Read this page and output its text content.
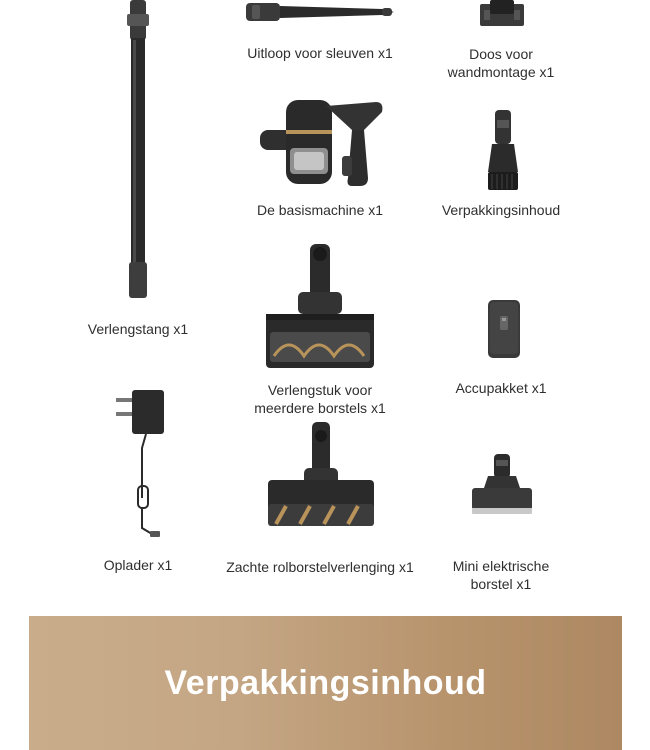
Verlengstang x1
Uitloop voor sleuven x1	Doos voor
wandmontage x1
De basismachine x1	Verpakkingsinhoud
Verlengstuk voor
meerdere borstels x1
Accupakket x1
Oplader x1	Zachte rolborstelverlenging x1	Mini elektrische
borstel x1
Verpakkingsinhoud
